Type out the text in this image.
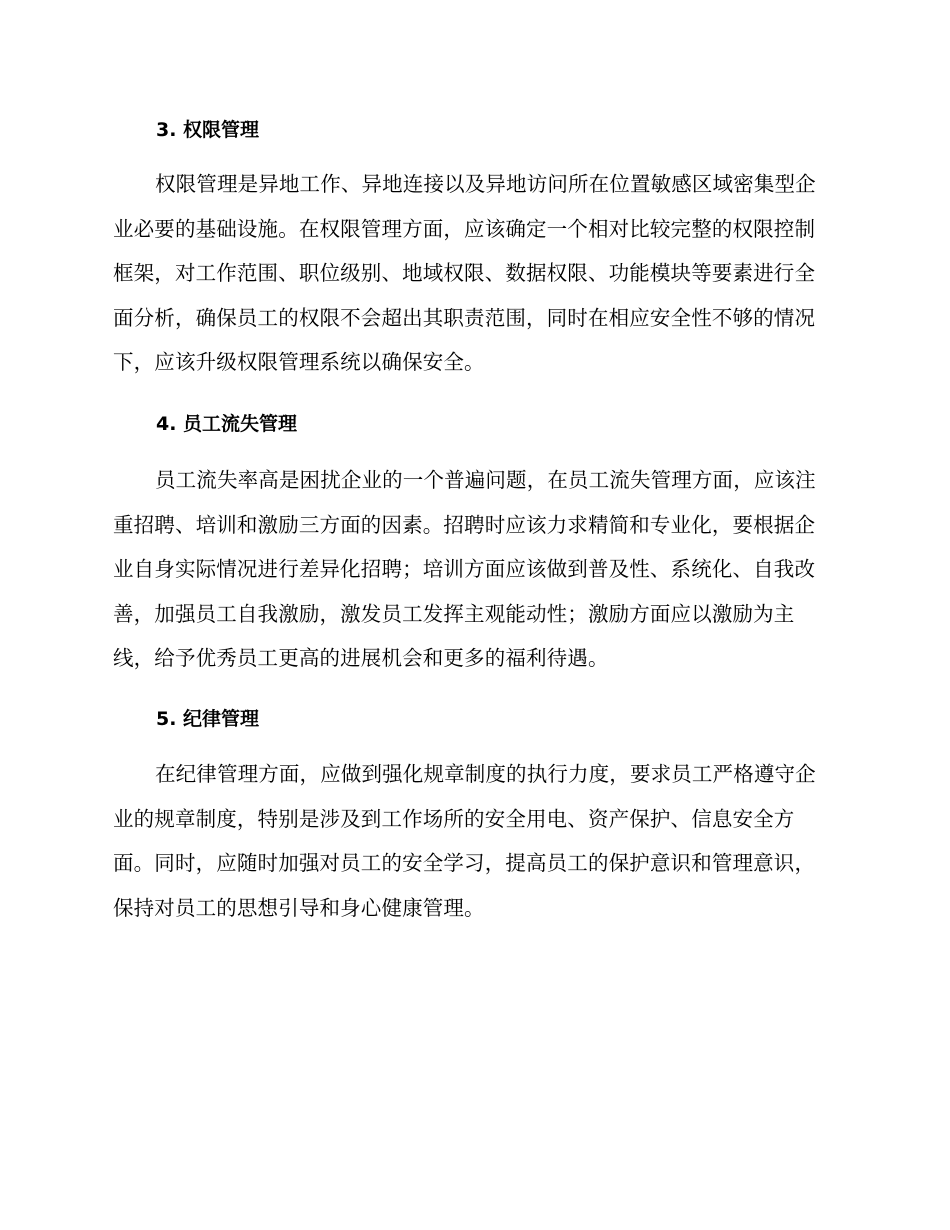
3. 权限管理
权限管理是异地工作、异地连接以及异地访问所在位置敏感区域密集型企业必要的基础设施。在权限管理方面，应该确定一个相对比较完整的权限控制框架，对工作范围、职位级别、地域权限、数据权限、功能模块等要素进行全面分析，确保员工的权限不会超出其职责范围，同时在相应安全性不够的情况下，应该升级权限管理系统以确保安全。
4. 员工流失管理
员工流失率高是困扰企业的一个普遍问题，在员工流失管理方面，应该注重招聘、培训和激励三方面的因素。招聘时应该力求精简和专业化，要根据企业自身实际情况进行差异化招聘；培训方面应该做到普及性、系统化、自我改善，加强员工自我激励，激发员工发挥主观能动性；激励方面应以激励为主线，给予优秀员工更高的进展机会和更多的福利待遇。
5. 纪律管理
在纪律管理方面，应做到强化规章制度的执行力度，要求员工严格遵守企业的规章制度，特别是涉及到工作场所的安全用电、资产保护、信息安全方面。同时，应随时加强对员工的安全学习，提高员工的保护意识和管理意识，保持对员工的思想引导和身心健康管理。
